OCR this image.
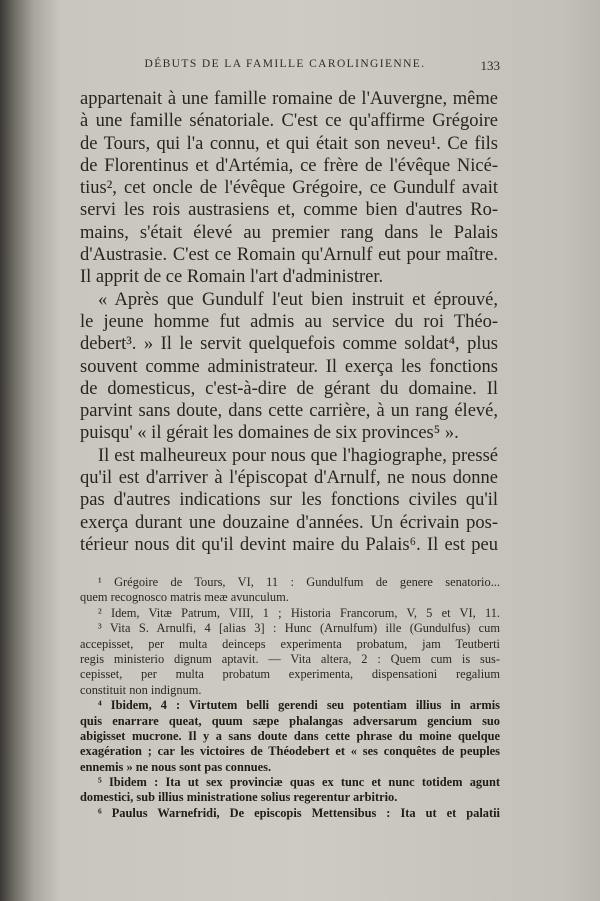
DÉBUTS DE LA FAMILLE CAROLINGIENNE.	133
appartenait à une famille romaine de l'Auvergne, même
à une famille sénatoriale. C'est ce qu'affirme Grégoire
de Tours, qui l'a connu, et qui était son neveu¹. Ce fils
de Florentinus et d'Artémia, ce frère de l'évêque Nicé-
tius², cet oncle de l'évêque Grégoire, ce Gundulf avait
servi les rois austrasiens et, comme bien d'autres Ro-
mains, s'était élevé au premier rang dans le Palais
d'Austrasie. C'est ce Romain qu'Arnulf eut pour maître.
Il apprit de ce Romain l'art d'administrer.
« Après que Gundulf l'eut bien instruit et éprouvé,
le jeune homme fut admis au service du roi Théo-
debert³. » Il le servit quelquefois comme soldat⁴, plus
souvent comme administrateur. Il exerça les fonctions
de domesticus, c'est-à-dire de gérant du domaine. Il
parvint sans doute, dans cette carrière, à un rang élevé,
puisqu' « il gérait les domaines de six provinces⁵ ».
Il est malheureux pour nous que l'hagiographe, pressé
qu'il est d'arriver à l'épiscopat d'Arnulf, ne nous donne
pas d'autres indications sur les fonctions civiles qu'il
exerça durant une douzaine d'années. Un écrivain pos-
térieur nous dit qu'il devint maire du Palais⁶. Il est peu
¹ Grégoire de Tours, VI, 11 : Gundulfum de genere senatorio...
quem recognosco matris meæ avunculum.
² Idem, Vitæ Patrum, VIII, 1 ; Historia Francorum, V, 5 et VI, 11.
³ Vita S. Arnulfi, 4 [alias 3] : Hunc (Arnulfum) ille (Gundulfus) cum
accepisset, per multa deinceps experimenta probatum, jam Teutberti
regis ministerio dignum aptavit. — Vita altera, 2 : Quem cum is sus-
cepisset, per multa probatum experimenta, dispensationi regalium
constituit non indignum.
⁴ Ibidem, 4 : Virtutem belli gerendi seu potentiam illius in armis
quis enarrare queat, quum sæpe phalangas adversarum gencium suo
abigisset mucrone. Il y a sans doute dans cette phrase du moine quelque
exagération ; car les victoires de Théodebert et « ses conquêtes de peuples
ennemis » ne nous sont pas connues.
⁵ Ibidem : Ita ut sex provinciæ quas ex tunc et nunc totidem agunt
domestici, sub illius ministratione solius regerentur arbitrio.
⁶ Paulus Warnefridi, De episcopis Mettensibus : Ita ut et palatii
